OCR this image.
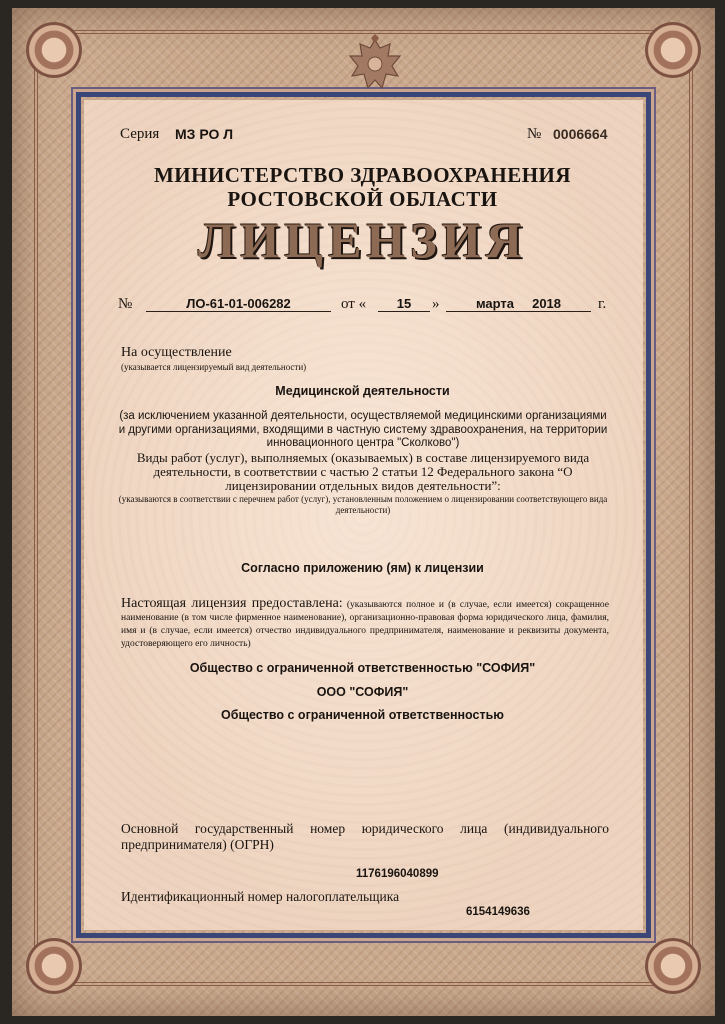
Серия МЗ РО Л	№ 0006664
МИНИСТЕРСТВО ЗДРАВООХРАНЕНИЯ
РОСТОВСКОЙ ОБЛАСТИ
ЛИЦЕНЗИЯ
№	ЛО-61-01-006282	от «	15	»	марта 2018	г.
На осуществление
(указывается лицензируемый вид деятельности)
Медицинской деятельности
(за исключением указанной деятельности, осуществляемой медицинскими организациями и другими организациями, входящими в частную систему здравоохранения, на территории инновационного центра "Сколково")
Виды работ (услуг), выполняемых (оказываемых) в составе лицензируемого вида деятельности, в соответствии с частью 2 статьи 12 Федерального закона “О лицензировании отдельных видов деятельности”:
(указываются в соответствии с перечнем работ (услуг), установленным положением о лицензировании соответствующего вида деятельности)
Согласно приложению (ям) к лицензии
Настоящая лицензия предоставлена: (указываются полное и (в случае, если имеется) сокращенное наименование (в том числе фирменное наименование), организационно-правовая форма юридического лица, фамилия, имя и (в случае, если имеется) отчество индивидуального предпринимателя, наименование и реквизиты документа, удостоверяющего его личность)
Общество с ограниченной ответственностью "СОФИЯ"
ООО "СОФИЯ"
Общество с ограниченной ответственностью
Основной государственный номер юридического лица (индивидуального предпринимателя) (ОГРН)
1176196040899
Идентификационный номер налогоплательщика
6154149636
